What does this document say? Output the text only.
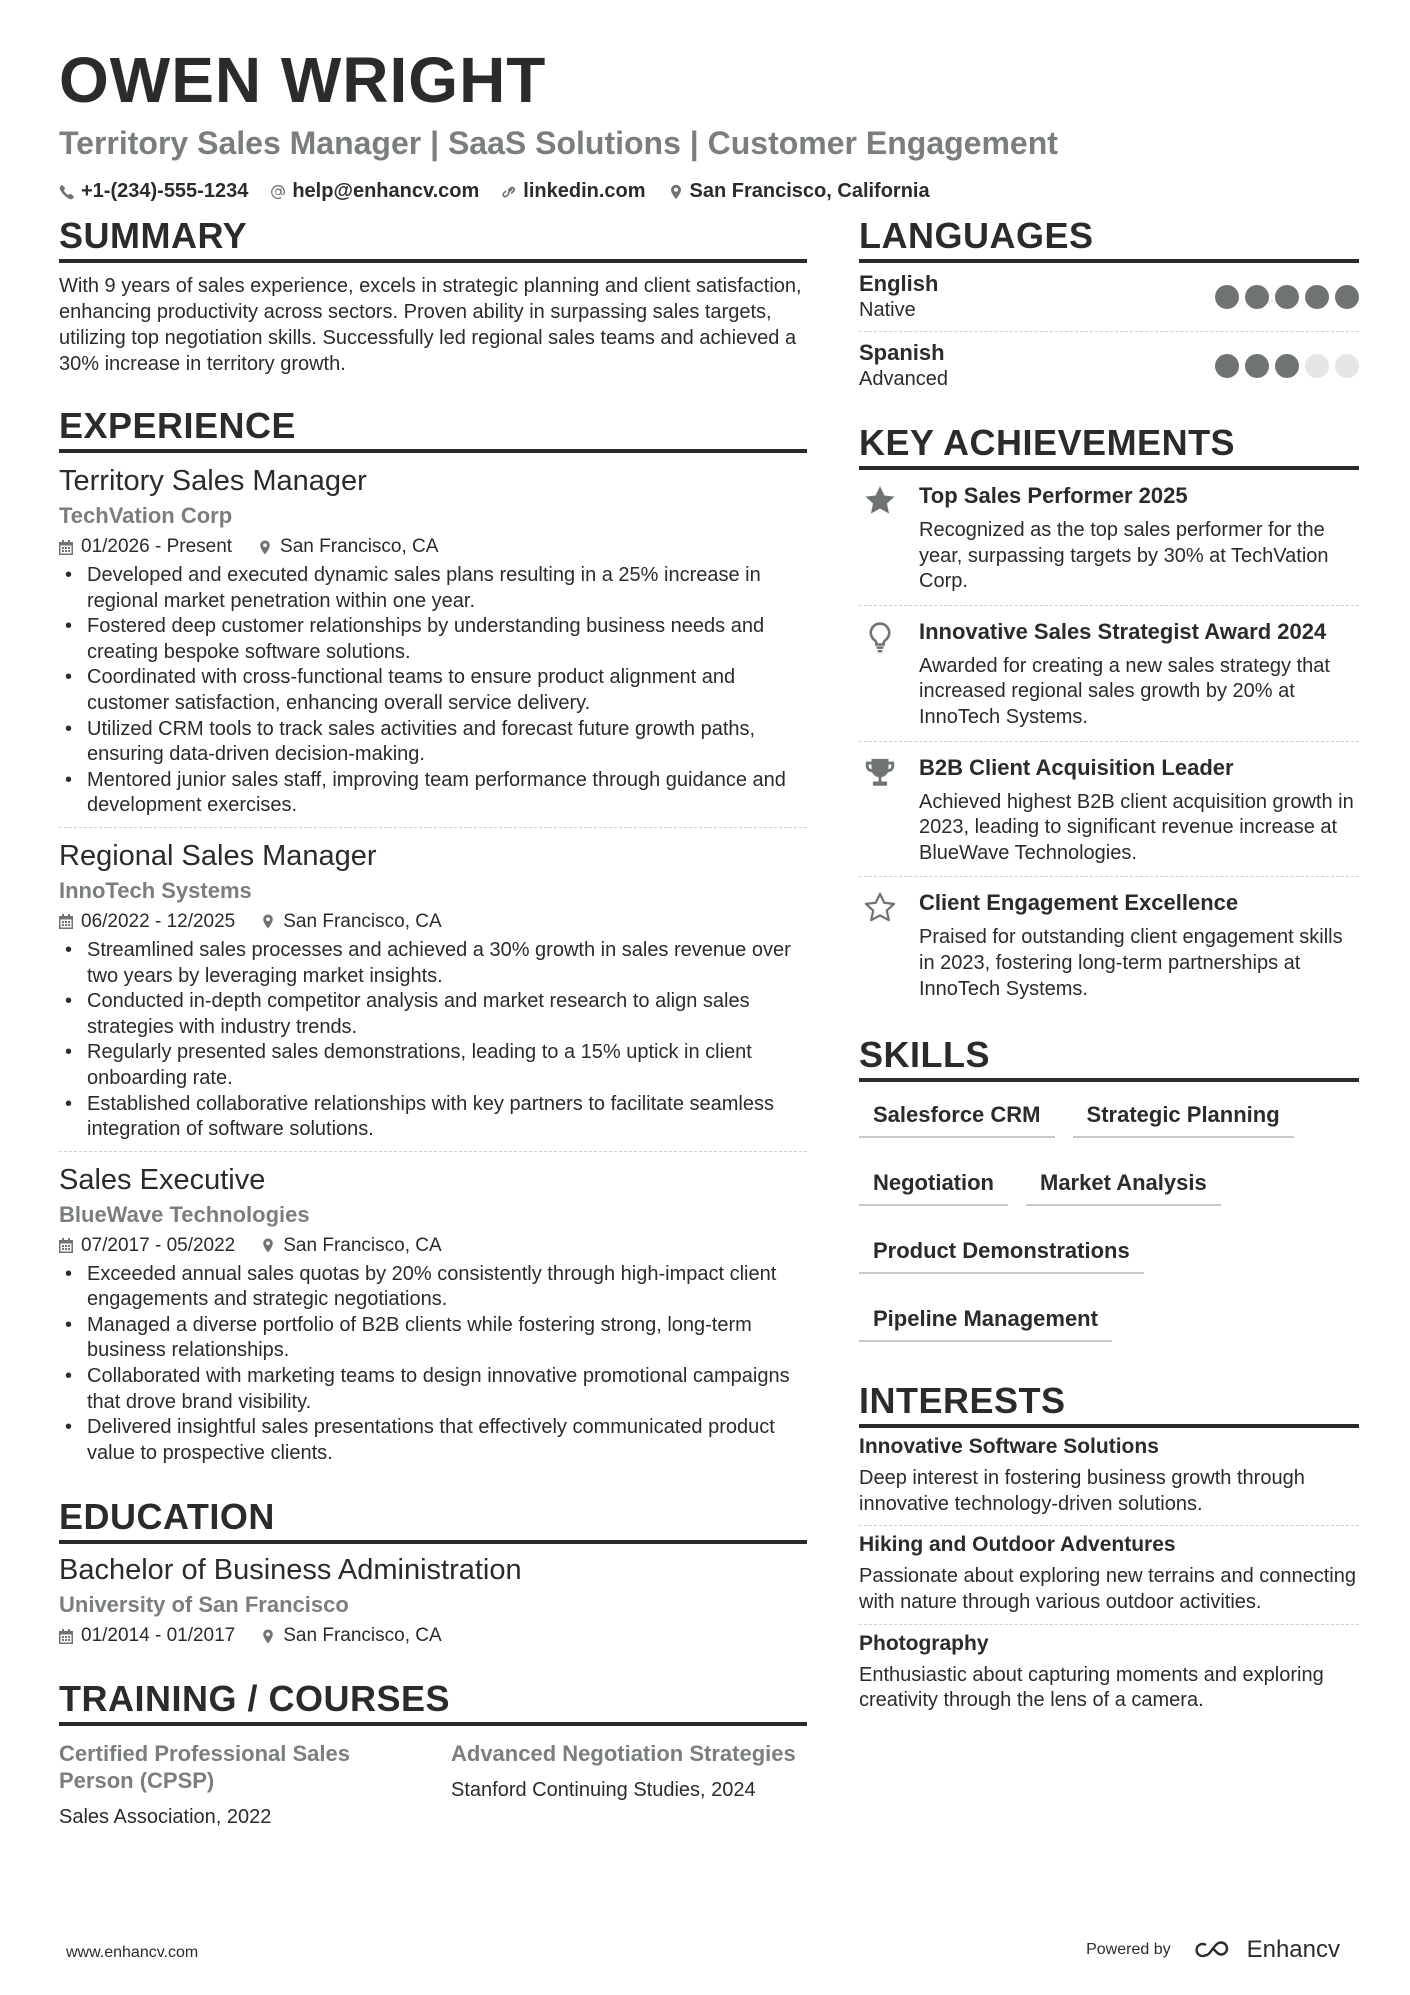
OWEN WRIGHT
Territory Sales Manager | SaaS Solutions | Customer Engagement
+1-(234)-555-1234 help@enhancv.com linkedin.com San Francisco, California
SUMMARY
With 9 years of sales experience, excels in strategic planning and client satisfaction, enhancing productivity across sectors. Proven ability in surpassing sales targets, utilizing top negotiation skills. Successfully led regional sales teams and achieved a 30% increase in territory growth.
EXPERIENCE
Territory Sales Manager
TechVation Corp
01/2026 - Present	San Francisco, CA
• Developed and executed dynamic sales plans resulting in a 25% increase in regional market penetration within one year.
• Fostered deep customer relationships by understanding business needs and creating bespoke software solutions.
• Coordinated with cross-functional teams to ensure product alignment and customer satisfaction, enhancing overall service delivery.
• Utilized CRM tools to track sales activities and forecast future growth paths, ensuring data-driven decision-making.
• Mentored junior sales staff, improving team performance through guidance and development exercises.
Regional Sales Manager
InnoTech Systems
06/2022 - 12/2025	San Francisco, CA
• Streamlined sales processes and achieved a 30% growth in sales revenue over two years by leveraging market insights.
• Conducted in-depth competitor analysis and market research to align sales strategies with industry trends.
• Regularly presented sales demonstrations, leading to a 15% uptick in client onboarding rate.
• Established collaborative relationships with key partners to facilitate seamless integration of software solutions.
Sales Executive
BlueWave Technologies
07/2017 - 05/2022	San Francisco, CA
• Exceeded annual sales quotas by 20% consistently through high-impact client engagements and strategic negotiations.
• Managed a diverse portfolio of B2B clients while fostering strong, long-term business relationships.
• Collaborated with marketing teams to design innovative promotional campaigns that drove brand visibility.
• Delivered insightful sales presentations that effectively communicated product value to prospective clients.
EDUCATION
Bachelor of Business Administration
University of San Francisco
01/2014 - 01/2017	San Francisco, CA
TRAINING / COURSES
Certified Professional Sales Person (CPSP)
Sales Association, 2022
Advanced Negotiation Strategies
Stanford Continuing Studies, 2024
LANGUAGES
English
Native
Spanish
Advanced
KEY ACHIEVEMENTS
Top Sales Performer 2025
Recognized as the top sales performer for the year, surpassing targets by 30% at TechVation Corp.
Innovative Sales Strategist Award 2024
Awarded for creating a new sales strategy that increased regional sales growth by 20% at InnoTech Systems.
B2B Client Acquisition Leader
Achieved highest B2B client acquisition growth in 2023, leading to significant revenue increase at BlueWave Technologies.
Client Engagement Excellence
Praised for outstanding client engagement skills in 2023, fostering long-term partnerships at InnoTech Systems.
SKILLS
Salesforce CRM	Strategic Planning
Negotiation	Market Analysis
Product Demonstrations
Pipeline Management
INTERESTS
Innovative Software Solutions
Deep interest in fostering business growth through innovative technology-driven solutions.
Hiking and Outdoor Adventures
Passionate about exploring new terrains and connecting with nature through various outdoor activities.
Photography
Enthusiastic about capturing moments and exploring creativity through the lens of a camera.
www.enhancv.com	Powered by	Enhancv
